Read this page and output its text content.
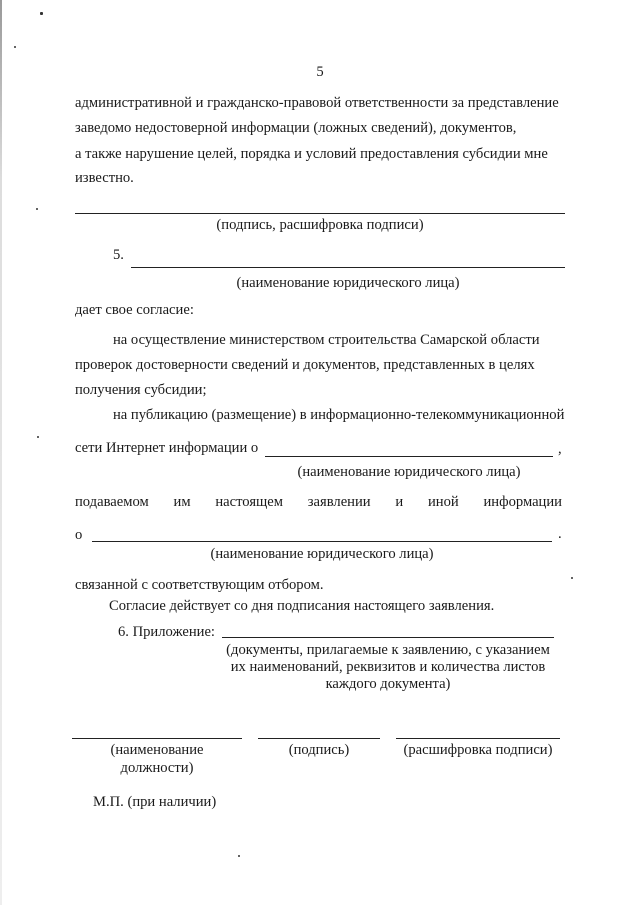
5
административной и гражданско-правовой ответственности за представление
заведомо недостоверной информации (ложных сведений), документов,
а также нарушение целей, порядка и условий предоставления субсидии мне
известно.
(подпись, расшифровка подписи)
5.
(наименование юридического лица)
дает свое согласие:
на осуществление министерством строительства Самарской области
проверок достоверности сведений и документов, представленных в целях
получения субсидии;
на публикацию (размещение) в информационно-телекоммуникационной
сети Интернет информации о	,
(наименование юридического лица)
подаваемом им настоящем заявлении и иной информации
о	.
(наименование юридического лица)
связанной с соответствующим отбором.
Согласие действует со дня подписания настоящего заявления.
6. Приложение:
(документы, прилагаемые к заявлению, с указанием
их наименований, реквизитов и количества листов
каждого документа)
(наименование
должности)
(подпись)	(расшифровка подписи)
М.П. (при наличии)
